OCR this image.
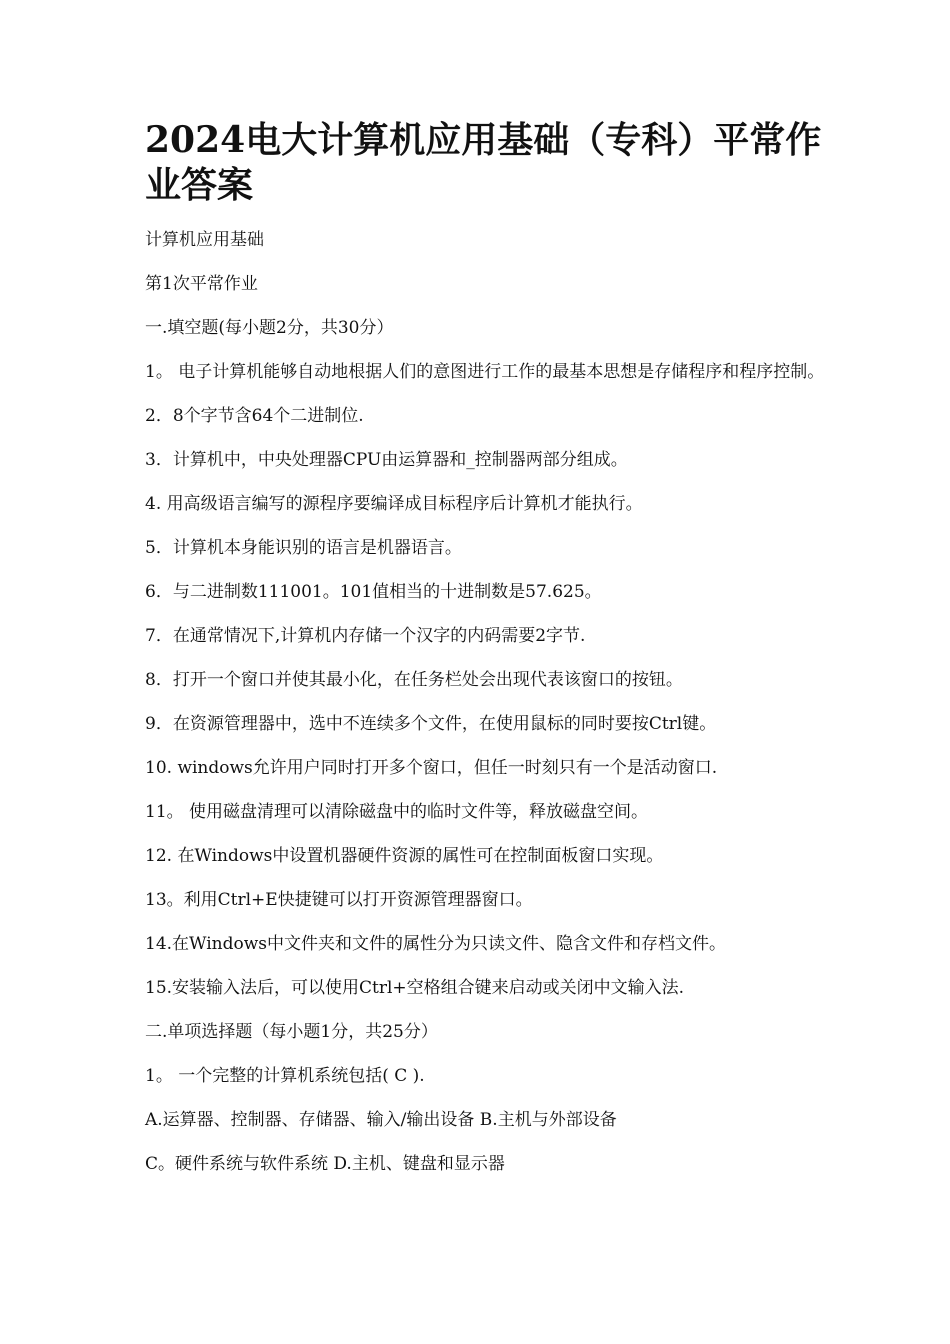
2024电大计算机应用基础（专科）平常作业答案

计算机应用基础

第1次平常作业

一.填空题(每小题2分，共30分）

1。 电子计算机能够自动地根据人们的意图进行工作的最基本思想是存储程序和程序控制。

2．8个字节含64个二进制位.

3．计算机中，中央处理器CPU由运算器和_控制器两部分组成。

4. 用高级语言编写的源程序要编译成目标程序后计算机才能执行。

5．计算机本身能识别的语言是机器语言。

6．与二进制数111001。101值相当的十进制数是57.625。

7．在通常情况下,计算机内存储一个汉字的内码需要2字节.

8．打开一个窗口并使其最小化，在任务栏处会出现代表该窗口的按钮。

9．在资源管理器中，选中不连续多个文件，在使用鼠标的同时要按Ctrl键。

10. windows允许用户同时打开多个窗口，但任一时刻只有一个是活动窗口.

11。 使用磁盘清理可以清除磁盘中的临时文件等，释放磁盘空间。

12. 在Windows中设置机器硬件资源的属性可在控制面板窗口实现。

13。利用Ctrl+E快捷键可以打开资源管理器窗口。

14.在Windows中文件夹和文件的属性分为只读文件、隐含文件和存档文件。

15.安装输入法后，可以使用Ctrl+空格组合键来启动或关闭中文输入法.

二.单项选择题（每小题1分，共25分）

1。 一个完整的计算机系统包括( C ).

A.运算器、控制器、存储器、输入/输出设备 B.主机与外部设备

C。硬件系统与软件系统 D.主机、键盘和显示器
